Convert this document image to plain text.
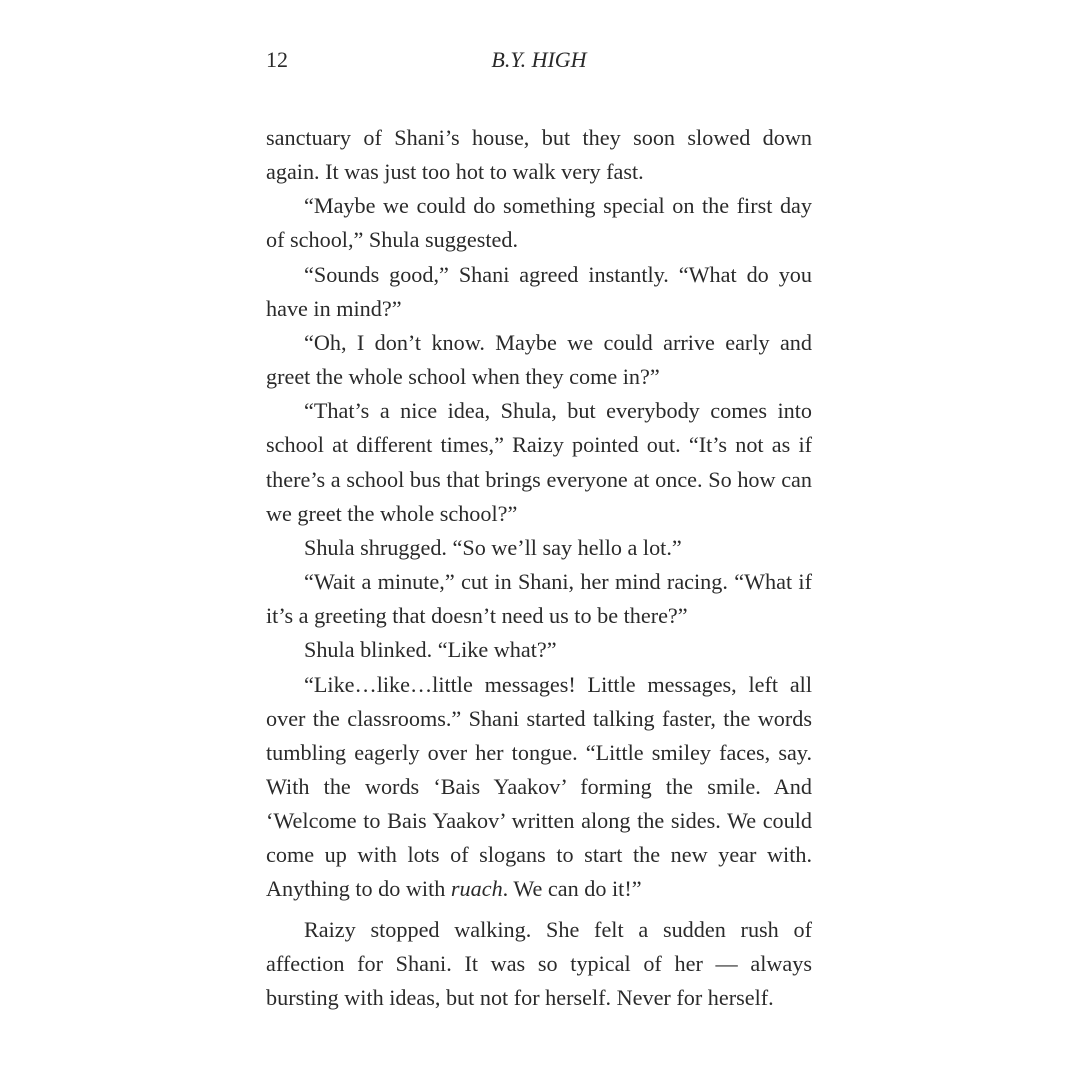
12	B.Y. HIGH

sanctuary of Shani’s house, but they soon slowed down again. It was just too hot to walk very fast.

“Maybe we could do something special on the first day of school,” Shula suggested.

“Sounds good,” Shani agreed instantly. “What do you have in mind?”

“Oh, I don’t know. Maybe we could arrive early and greet the whole school when they come in?”

“That’s a nice idea, Shula, but everybody comes into school at different times,” Raizy pointed out. “It’s not as if there’s a school bus that brings everyone at once. So how can we greet the whole school?”

Shula shrugged. “So we’ll say hello a lot.”

“Wait a minute,” cut in Shani, her mind racing. “What if it’s a greeting that doesn’t need us to be there?”

Shula blinked. “Like what?”

“Like…like…little messages! Little messages, left all over the classrooms.” Shani started talking faster, the words tumbling eagerly over her tongue. “Little smiley faces, say. With the words ‘Bais Yaakov’ forming the smile. And ‘Welcome to Bais Yaakov’ written along the sides. We could come up with lots of slogans to start the new year with. Anything to do with ruach. We can do it!”

Raizy stopped walking. She felt a sudden rush of affection for Shani. It was so typical of her — always bursting with ideas, but not for herself. Never for herself.
